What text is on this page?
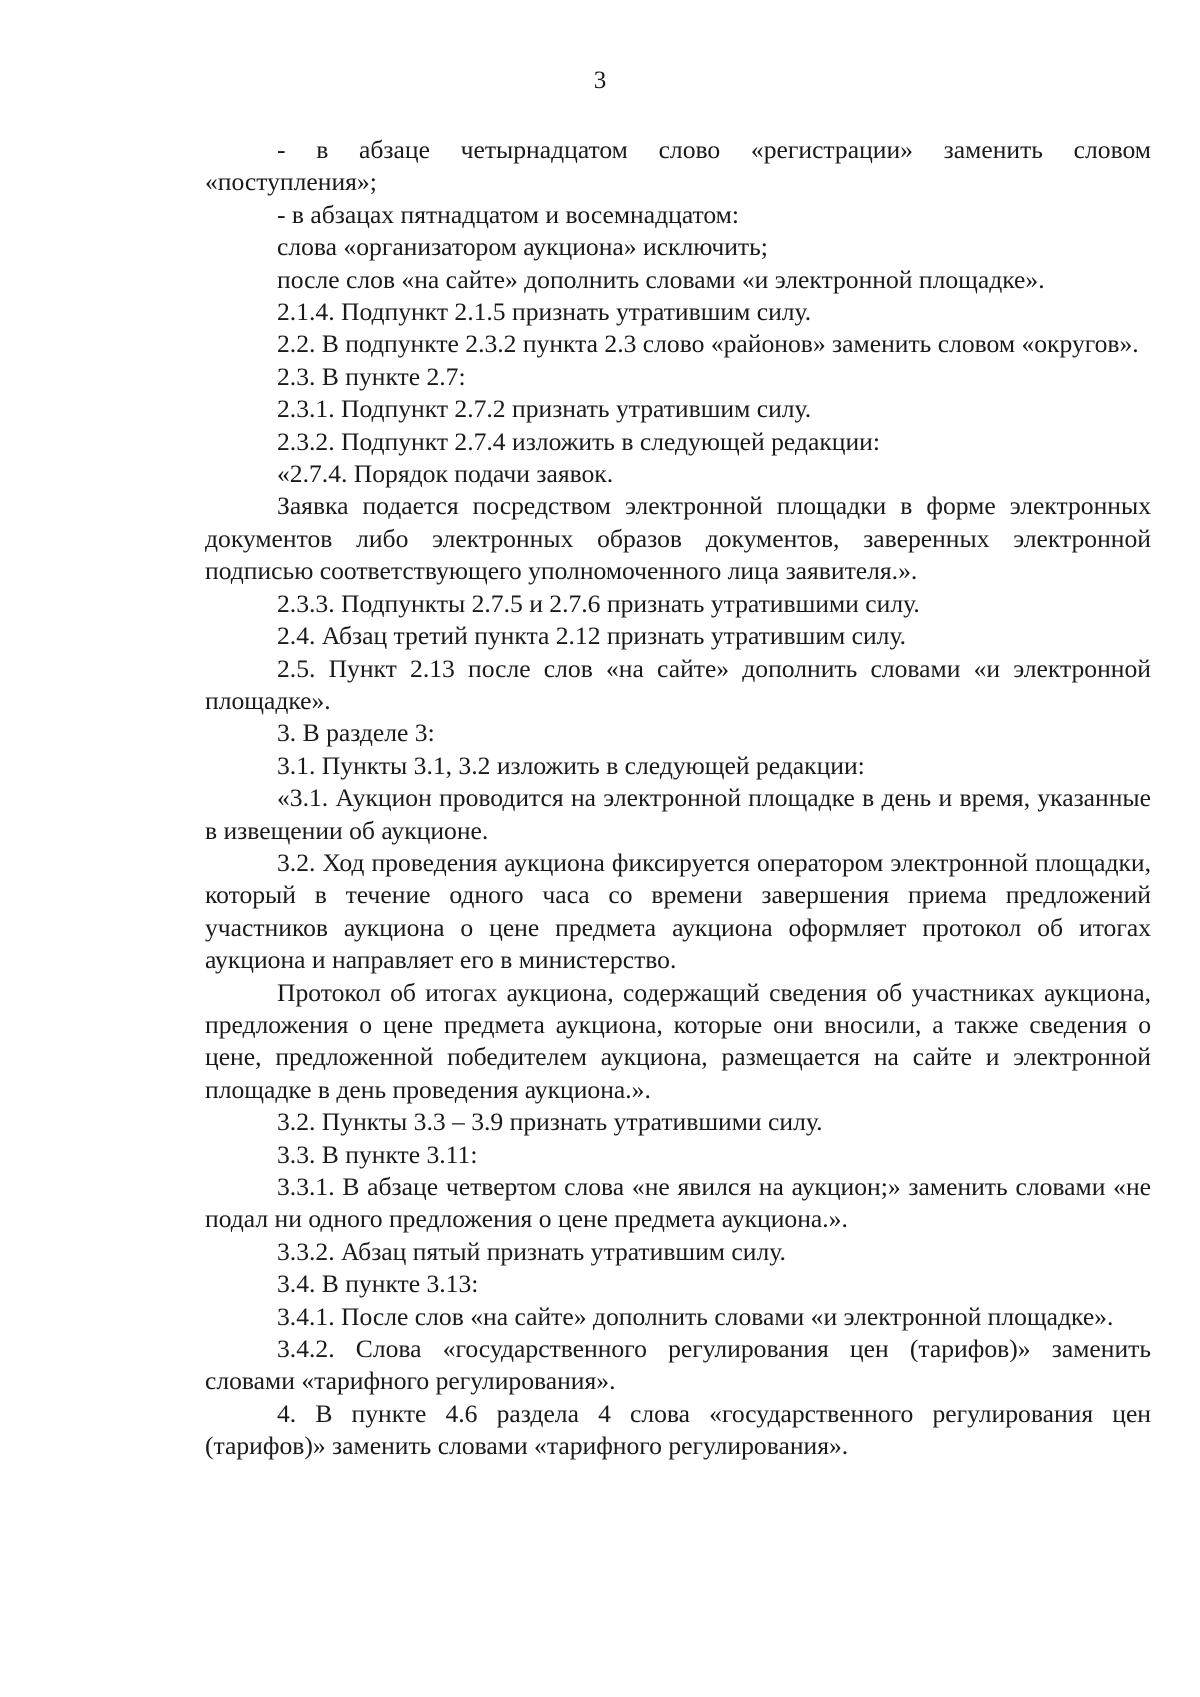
3

- в абзаце четырнадцатом слово «регистрации» заменить словом «поступления»;

- в абзацах пятнадцатом и восемнадцатом:

слова «организатором аукциона» исключить;

после слов «на сайте» дополнить словами «и электронной площадке».

2.1.4. Подпункт 2.1.5 признать утратившим силу.

2.2. В подпункте 2.3.2 пункта 2.3 слово «районов» заменить словом «округов».

2.3. В пункте 2.7:

2.3.1. Подпункт 2.7.2 признать утратившим силу.

2.3.2. Подпункт 2.7.4 изложить в следующей редакции:

«2.7.4. Порядок подачи заявок.

Заявка подается посредством электронной площадки в форме электронных документов либо электронных образов документов, заверенных электронной подписью соответствующего уполномоченного лица заявителя.».

2.3.3. Подпункты 2.7.5 и 2.7.6 признать утратившими силу.

2.4. Абзац третий пункта 2.12 признать утратившим силу.

2.5. Пункт 2.13 после слов «на сайте» дополнить словами «и электронной площадке».

3. В разделе 3:

3.1. Пункты 3.1, 3.2 изложить в следующей редакции:

«3.1. Аукцион проводится на электронной площадке в день и время, указанные в извещении об аукционе.

3.2. Ход проведения аукциона фиксируется оператором электронной площадки, который в течение одного часа со времени завершения приема предложений участников аукциона о цене предмета аукциона оформляет протокол об итогах аукциона и направляет его в министерство.

Протокол об итогах аукциона, содержащий сведения об участниках аукциона, предложения о цене предмета аукциона, которые они вносили, а также сведения о цене, предложенной победителем аукциона, размещается на сайте и электронной площадке в день проведения аукциона.».

3.2. Пункты 3.3 – 3.9 признать утратившими силу.

3.3. В пункте 3.11:

3.3.1. В абзаце четвертом слова «не явился на аукцион;» заменить словами «не подал ни одного предложения о цене предмета аукциона.».

3.3.2. Абзац пятый признать утратившим силу.

3.4. В пункте 3.13:

3.4.1. После слов «на сайте» дополнить словами «и электронной площадке».

3.4.2. Слова «государственного регулирования цен (тарифов)» заменить словами «тарифного регулирования».

4. В пункте 4.6 раздела 4 слова «государственного регулирования цен (тарифов)» заменить словами «тарифного регулирования».
